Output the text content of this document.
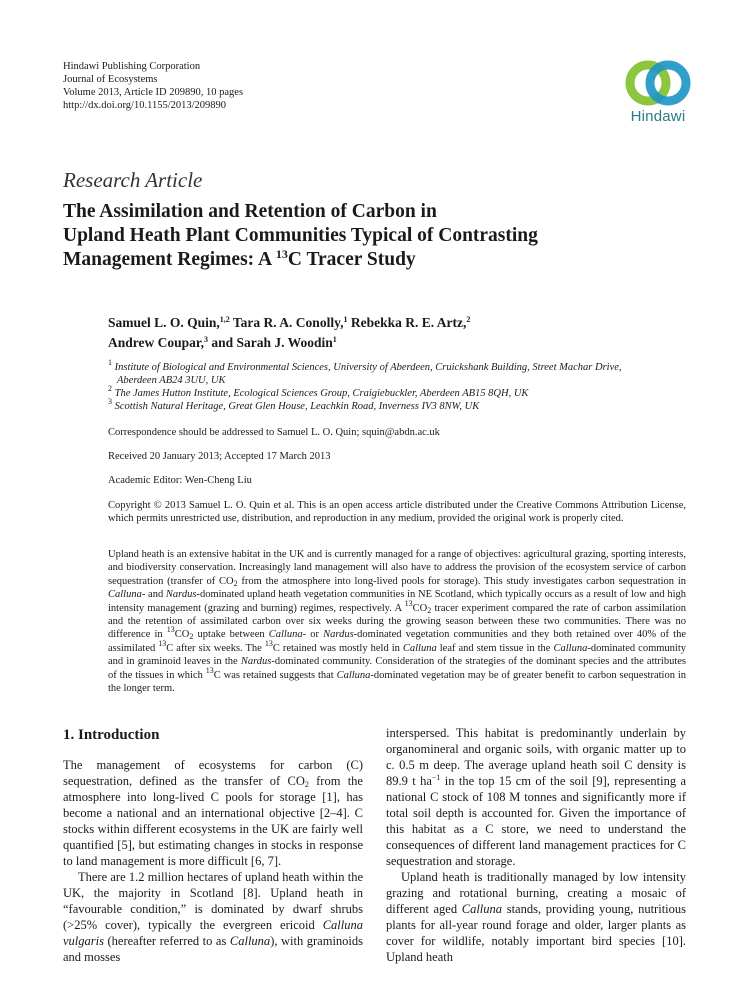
Hindawi Publishing Corporation
Journal of Ecosystems
Volume 2013, Article ID 209890, 10 pages
http://dx.doi.org/10.1155/2013/209890
Hindawi
Research Article
The Assimilation and Retention of Carbon in
Upland Heath Plant Communities Typical of Contrasting
Management Regimes: A $^{13}$C Tracer Study
Samuel L. O. Quin,$^{1,2}$ Tara R. A. Conolly,$^1$ Rebekka R. E. Artz,$^2$
Andrew Coupar,$^3$ and Sarah J. Woodin$^1$
$^1$ Institute of Biological and Environmental Sciences, University of Aberdeen, Cruickshank Building, Street Machar Drive,
Aberdeen AB24 3UU, UK
$^2$ The James Hutton Institute, Ecological Sciences Group, Craigiebuckler, Aberdeen AB15 8QH, UK
$^3$ Scottish Natural Heritage, Great Glen House, Leachkin Road, Inverness IV3 8NW, UK
Correspondence should be addressed to Samuel L. O. Quin; squin@abdn.ac.uk
Received 20 January 2013; Accepted 17 March 2013
Academic Editor: Wen-Cheng Liu
Copyright © 2013 Samuel L. O. Quin et al. This is an open access article distributed under the Creative Commons Attribution License, which permits unrestricted use, distribution, and reproduction in any medium, provided the original work is properly cited.
Upland heath is an extensive habitat in the UK and is currently managed for a range of objectives: agricultural grazing, sporting interests, and biodiversity conservation. Increasingly land management will also have to address the provision of the ecosystem service of carbon sequestration (transfer of $CO_2$ from the atmosphere into long-lived pools for storage). This study investigates carbon sequestration in Calluna- and Nardus-dominated upland heath vegetation communities in NE Scotland, which typically occurs as a result of low and high intensity management (grazing and burning) regimes, respectively. A $^{13}CO_2$ tracer experiment compared the rate of carbon assimilation and the retention of assimilated carbon over six weeks during the growing season between these two communities. There was no difference in $^{13}CO_2$ uptake between Calluna- or Nardus-dominated vegetation communities and they both retained over 40% of the assimilated $^{13}$C after six weeks. The $^{13}$C retained was mostly held in Calluna leaf and stem tissue in the Calluna-dominated community and in graminoid leaves in the Nardus-dominated community. Consideration of the strategies of the dominant species and the attributes of the tissues in which $^{13}$C was retained suggests that Calluna-dominated vegetation may be of greater benefit to carbon sequestration in the longer term.
1. Introduction

The management of ecosystems for carbon (C) sequestration, defined as the transfer of $CO_2$ from the atmosphere into long-lived C pools for storage [1], has become a national and an international objective [2–4]. C stocks within different ecosystems in the UK are fairly well quantified [5], but estimating changes in stocks in response to land management is more difficult [6, 7].

There are 1.2 million hectares of upland heath within the UK, the majority in Scotland [8]. Upland heath in “favourable condition,” is dominated by dwarf shrubs (>25% cover), typically the evergreen ericoid Calluna vulgaris (hereafter referred to as Calluna), with graminoids and mosses

interspersed. This habitat is predominantly underlain by organomineral and organic soils, with organic matter up to c. 0.5 m deep. The average upland heath soil C density is 89.9 t $ha^{-1}$ in the top 15 cm of the soil [9], representing a national C stock of 108 M tonnes and significantly more if total soil depth is accounted for. Given the importance of this habitat as a C store, we need to understand the consequences of different land management practices for C sequestration and storage.

Upland heath is traditionally managed by low intensity grazing and rotational burning, creating a mosaic of different aged Calluna stands, providing young, nutritious plants for all-year round forage and older, larger plants as cover for wildlife, notably important bird species [10]. Upland heath
